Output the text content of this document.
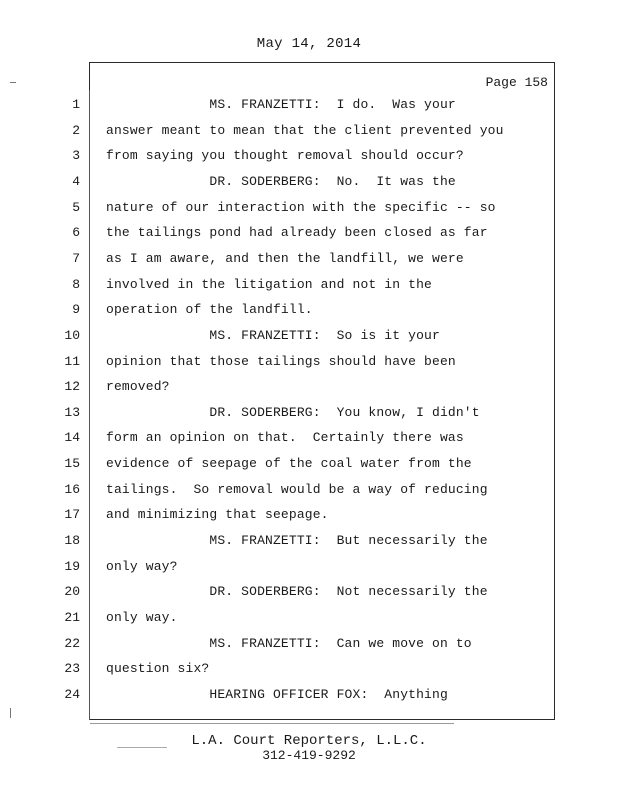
May 14, 2014
Page 158
1 MS. FRANZETTI:  I do.  Was your
2 answer meant to mean that the client prevented you
3 from saying you thought removal should occur?
4 DR. SODERBERG:  No.  It was the
5 nature of our interaction with the specific -- so
6 the tailings pond had already been closed as far
7 as I am aware, and then the landfill, we were
8 involved in the litigation and not in the
9 operation of the landfill.
10 MS. FRANZETTI:  So is it your
11 opinion that those tailings should have been
12 removed?
13 DR. SODERBERG:  You know, I didn't
14 form an opinion on that.  Certainly there was
15 evidence of seepage of the coal water from the
16 tailings.  So removal would be a way of reducing
17 and minimizing that seepage.
18 MS. FRANZETTI:  But necessarily the
19 only way?
20 DR. SODERBERG:  Not necessarily the
21 only way.
22 MS. FRANZETTI:  Can we move on to
23 question six?
24 HEARING OFFICER FOX:  Anything
L.A. Court Reporters, L.L.C.
312-419-9292
